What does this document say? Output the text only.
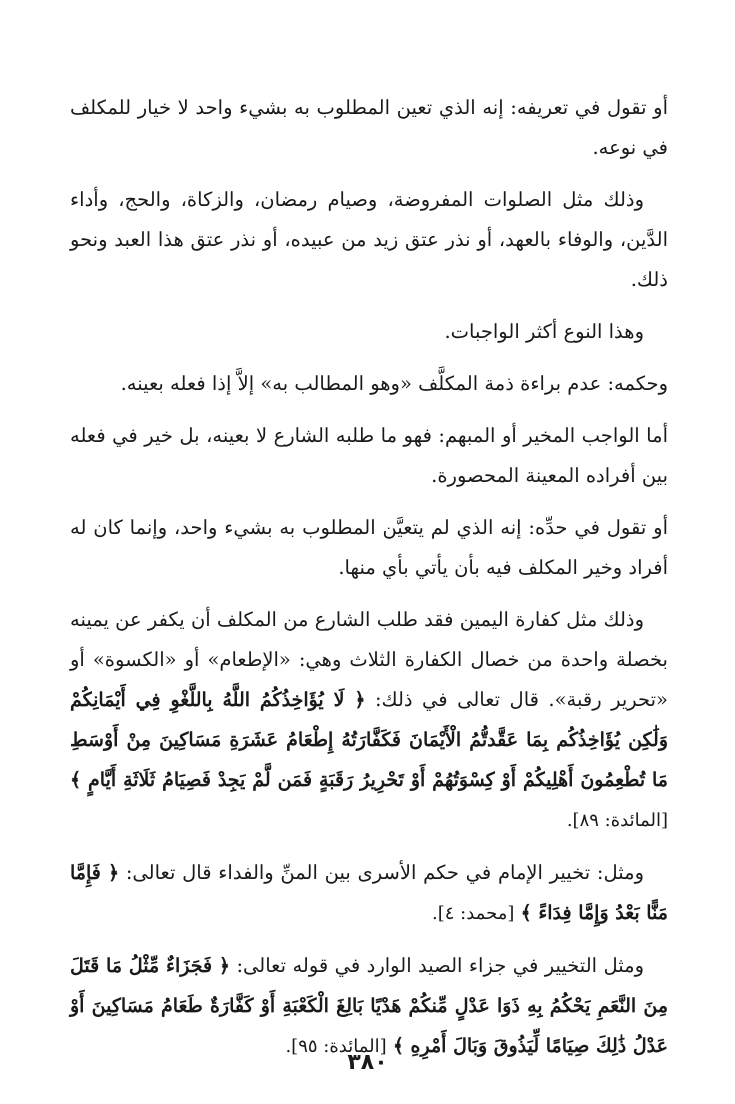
أو تقول في تعريفه: إنه الذي تعين المطلوب به بشيء واحد لا خيار للمكلف في نوعه.

وذلك مثل الصلوات المفروضة، وصيام رمضان، والزكاة، والحج، وأداء الدَّين، والوفاء بالعهد، أو نذر عتق زيد من عبيده، أو نذر عتق هذا العبد ونحو ذلك.

وهذا النوع أكثر الواجبات.

وحكمه: عدم براءة ذمة المكلَّف «وهو المطالب به» إلاَّ إذا فعله بعينه.

أما الواجب المخير أو المبهم: فهو ما طلبه الشارع لا بعينه، بل خير في فعله بين أفراده المعينة المحصورة.

أو تقول في حدِّه: إنه الذي لم يتعيَّن المطلوب به بشيء واحد، وإنما كان له أفراد وخير المكلف فيه بأن يأتي بأي منها.

وذلك مثل كفارة اليمين فقد طلب الشارع من المكلف أن يكفر عن يمينه بخصلة واحدة من خصال الكفارة الثلاث وهي: «الإطعام» أو «الكسوة» أو «تحرير رقبة». قال تعالى في ذلك: ﴿ لَا يُؤَاخِذُكُمُ اللَّهُ بِاللَّغْوِ فِي أَيْمَانِكُمْ وَلَٰكِن يُؤَاخِذُكُم بِمَا عَقَّدتُّمُ الْأَيْمَانَ فَكَفَّارَتُهُ إِطْعَامُ عَشَرَةِ مَسَاكِينَ مِنْ أَوْسَطِ مَا تُطْعِمُونَ أَهْلِيكُمْ أَوْ كِسْوَتُهُمْ أَوْ تَحْرِيرُ رَقَبَةٍ فَمَن لَّمْ يَجِدْ فَصِيَامُ ثَلَاثَةِ أَيَّامٍ ﴾ [المائدة: ٨٩].

ومثل: تخيير الإمام في حكم الأسرى بين المنِّ والفداء قال تعالى: ﴿ فَإِمَّا مَنًّا بَعْدُ وَإِمَّا فِدَاءً ﴾ [محمد: ٤].

ومثل التخيير في جزاء الصيد الوارد في قوله تعالى: ﴿ فَجَزَاءٌ مِّثْلُ مَا قَتَلَ مِنَ النَّعَمِ يَحْكُمُ بِهِ ذَوَا عَدْلٍ مِّنكُمْ هَدْيًا بَالِغَ الْكَعْبَةِ أَوْ كَفَّارَةٌ طَعَامُ مَسَاكِينَ أَوْ عَدْلُ ذَٰلِكَ صِيَامًا لِّيَذُوقَ وَبَالَ أَمْرِهِ ﴾ [المائدة: ٩٥].

٣٨٠
